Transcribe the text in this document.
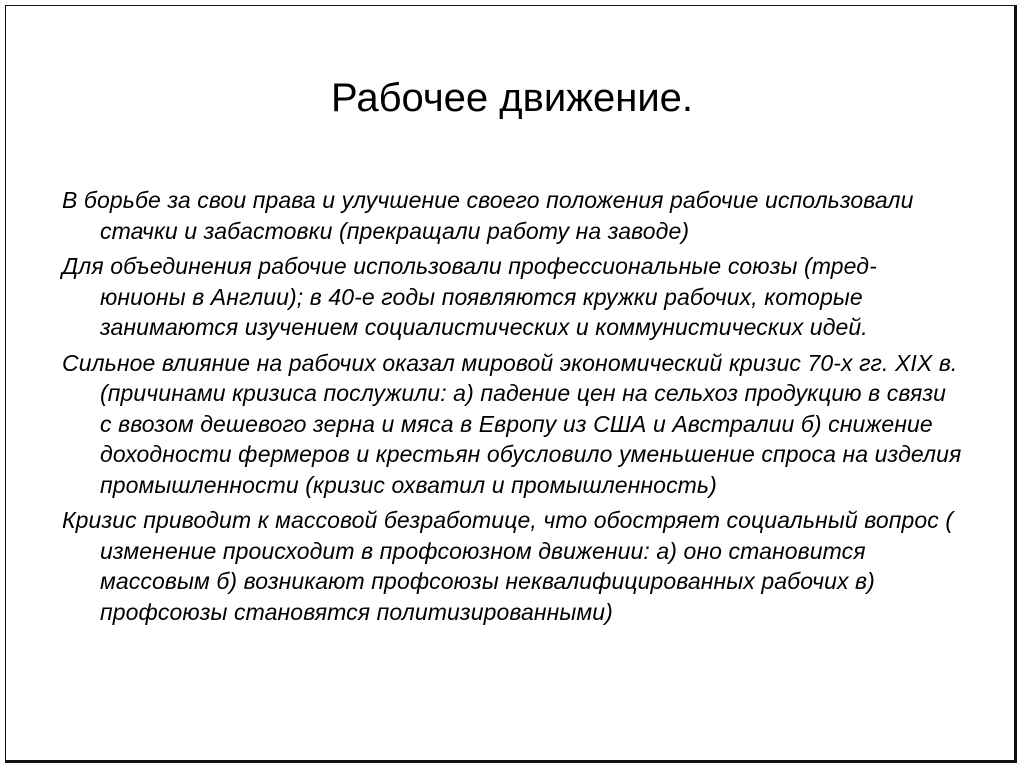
Рабочее движение.
В борьбе за свои права и улучшение своего положения рабочие использовали стачки и забастовки (прекращали работу на заводе)
Для объединения рабочие использовали профессиональные союзы (тред-юнионы в Англии); в 40-е годы появляются кружки рабочих, которые занимаются изучением социалистических и коммунистических идей.
Сильное влияние на рабочих оказал мировой экономический кризис 70-х гг. XIX в. (причинами кризиса послужили: а) падение цен на сельхоз продукцию в связи с ввозом дешевого зерна и мяса в Европу из США и Австралии б) снижение доходности фермеров и крестьян обусловило уменьшение спроса на изделия промышленности (кризис охватил и промышленность)
Кризис приводит к массовой безработице, что обостряет социальный вопрос ( изменение происходит в профсоюзном движении: а) оно становится массовым б) возникают профсоюзы неквалифицированных рабочих в) профсоюзы становятся политизированными)
